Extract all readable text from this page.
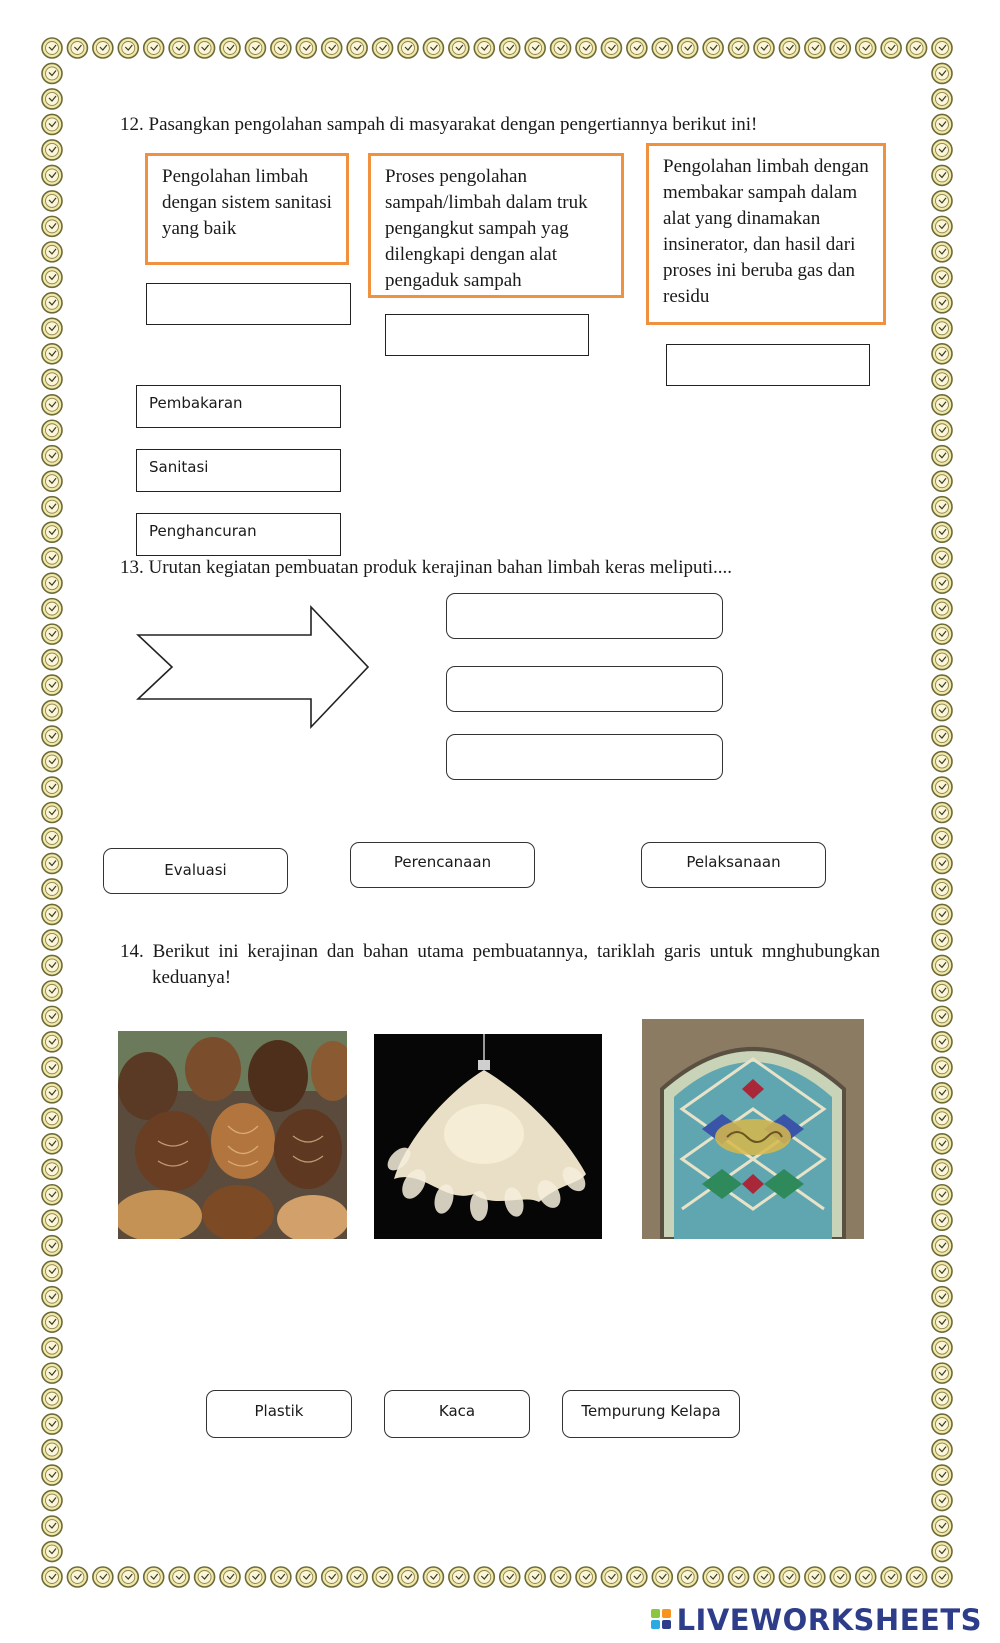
12. Pasangkan pengolahan sampah di masyarakat dengan pengertiannya berikut ini!
Pengolahan limbah dengan sistem sanitasi yang baik
Proses pengolahan sampah/limbah dalam truk pengangkut sampah yag dilengkapi dengan alat pengaduk sampah
Pengolahan limbah dengan membakar sampah dalam alat yang dinamakan insinerator, dan hasil dari proses ini beruba gas dan residu
Pembakaran
Sanitasi
Penghancuran
13. Urutan kegiatan pembuatan produk kerajinan bahan limbah keras meliputi....
Evaluasi	Perencanaan	Pelaksanaan
14. Berikut ini kerajinan dan bahan utama pembuatannya, tariklah garis untuk mnghubungkan
keduanya!
Plastik	Kaca	Tempurung Kelapa
LIVEWORKSHEETS
